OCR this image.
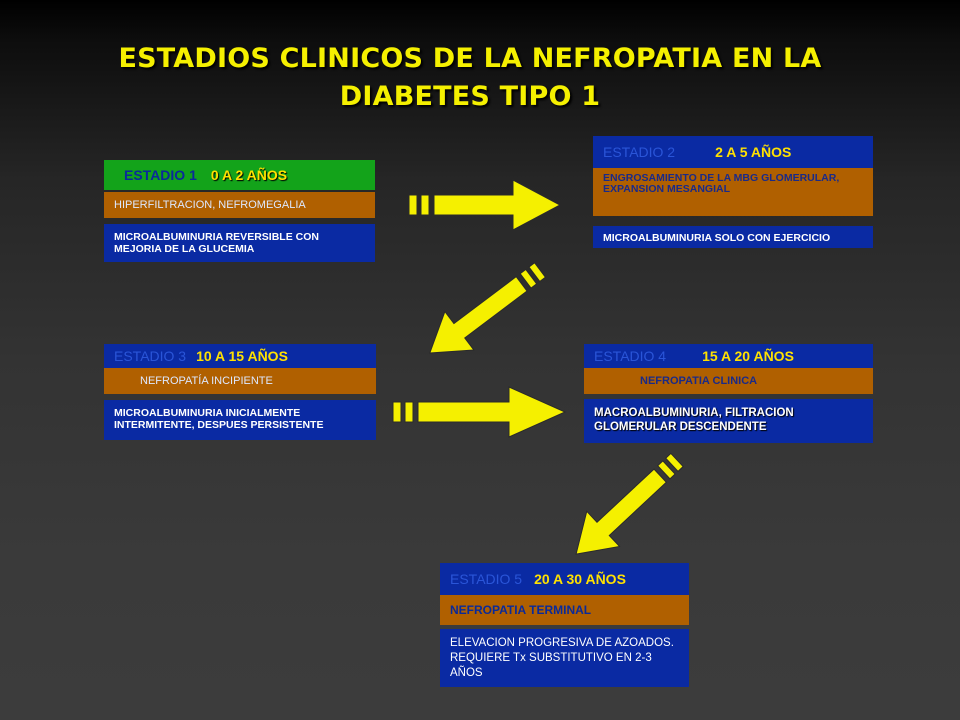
ESTADIOS CLINICOS DE LA NEFROPATIA EN LA
DIABETES TIPO 1
ESTADIO 1 0 A 2 AÑOS
HIPERFILTRACION, NEFROMEGALIA
MICROALBUMINURIA REVERSIBLE CON MEJORIA DE LA GLUCEMIA
ESTADIO 2	2 A 5 AÑOS
ENGROSAMIENTO DE LA MBG GLOMERULAR, EXPANSION MESANGIAL
MICROALBUMINURIA SOLO CON EJERCICIO
ESTADIO 3 10 A 15 AÑOS
NEFROPATÍA INCIPIENTE
MICROALBUMINURIA INICIALMENTE INTERMITENTE, DESPUES PERSISTENTE
ESTADIO 4	15 A 20 AÑOS
NEFROPATIA CLINICA
MACROALBUMINURIA, FILTRACION GLOMERULAR DESCENDENTE
ESTADIO 5 20 A 30 AÑOS
NEFROPATIA TERMINAL
ELEVACION PROGRESIVA DE AZOADOS. REQUIERE Tx SUBSTITUTIVO EN 2-3 AÑOS
